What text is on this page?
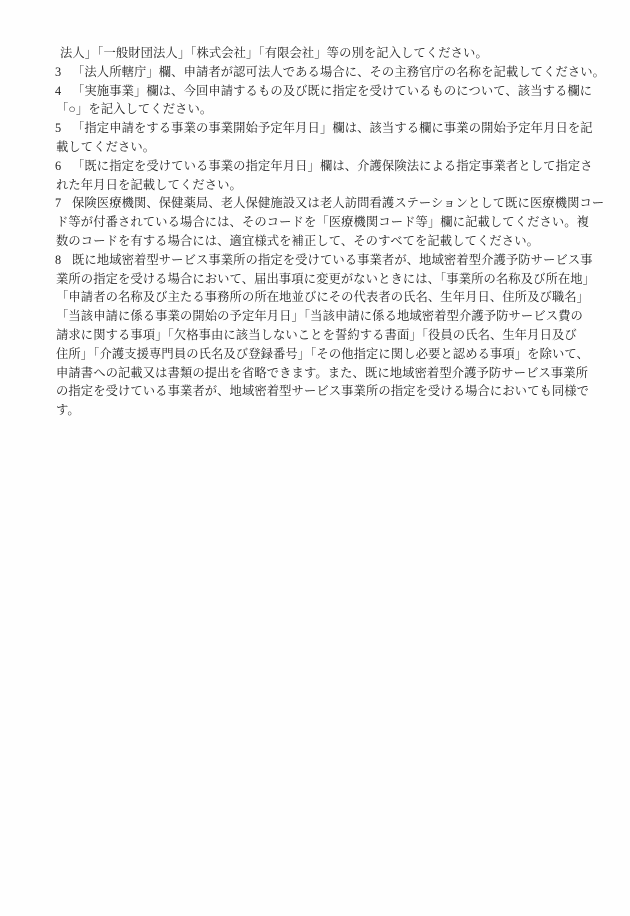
法人」「一般財団法人」「株式会社」「有限会社」等の別を記入してください。
3 「法人所轄庁」欄、申請者が認可法人である場合に、その主務官庁の名称を記載してください。
4 「実施事業」欄は、今回申請するもの及び既に指定を受けているものについて、該当する欄に
「○」を記入してください。
5 「指定申請をする事業の事業開始予定年月日」欄は、該当する欄に事業の開始予定年月日を記
載してください。
6 「既に指定を受けている事業の指定年月日」欄は、介護保険法による指定事業者として指定さ
れた年月日を記載してください。
7 保険医療機関、保健薬局、老人保健施設又は老人訪問看護ステーションとして既に医療機関コー
ド等が付番されている場合には、そのコードを「医療機関コード等」欄に記載してください。複
数のコードを有する場合には、適宜様式を補正して、そのすべてを記載してください。
8 既に地域密着型サービス事業所の指定を受けている事業者が、地域密着型介護予防サービス事
業所の指定を受ける場合において、届出事項に変更がないときには、「事業所の名称及び所在地」
「申請者の名称及び主たる事務所の所在地並びにその代表者の氏名、生年月日、住所及び職名」
「当該申請に係る事業の開始の予定年月日」「当該申請に係る地域密着型介護予防サービス費の
請求に関する事項」「欠格事由に該当しないことを誓約する書面」「役員の氏名、生年月日及び
住所」「介護支援専門員の氏名及び登録番号」「その他指定に関し必要と認める事項」を除いて、
申請書への記載又は書類の提出を省略できます。また、既に地域密着型介護予防サービス事業所
の指定を受けている事業者が、地域密着型サービス事業所の指定を受ける場合においても同様で
す。
